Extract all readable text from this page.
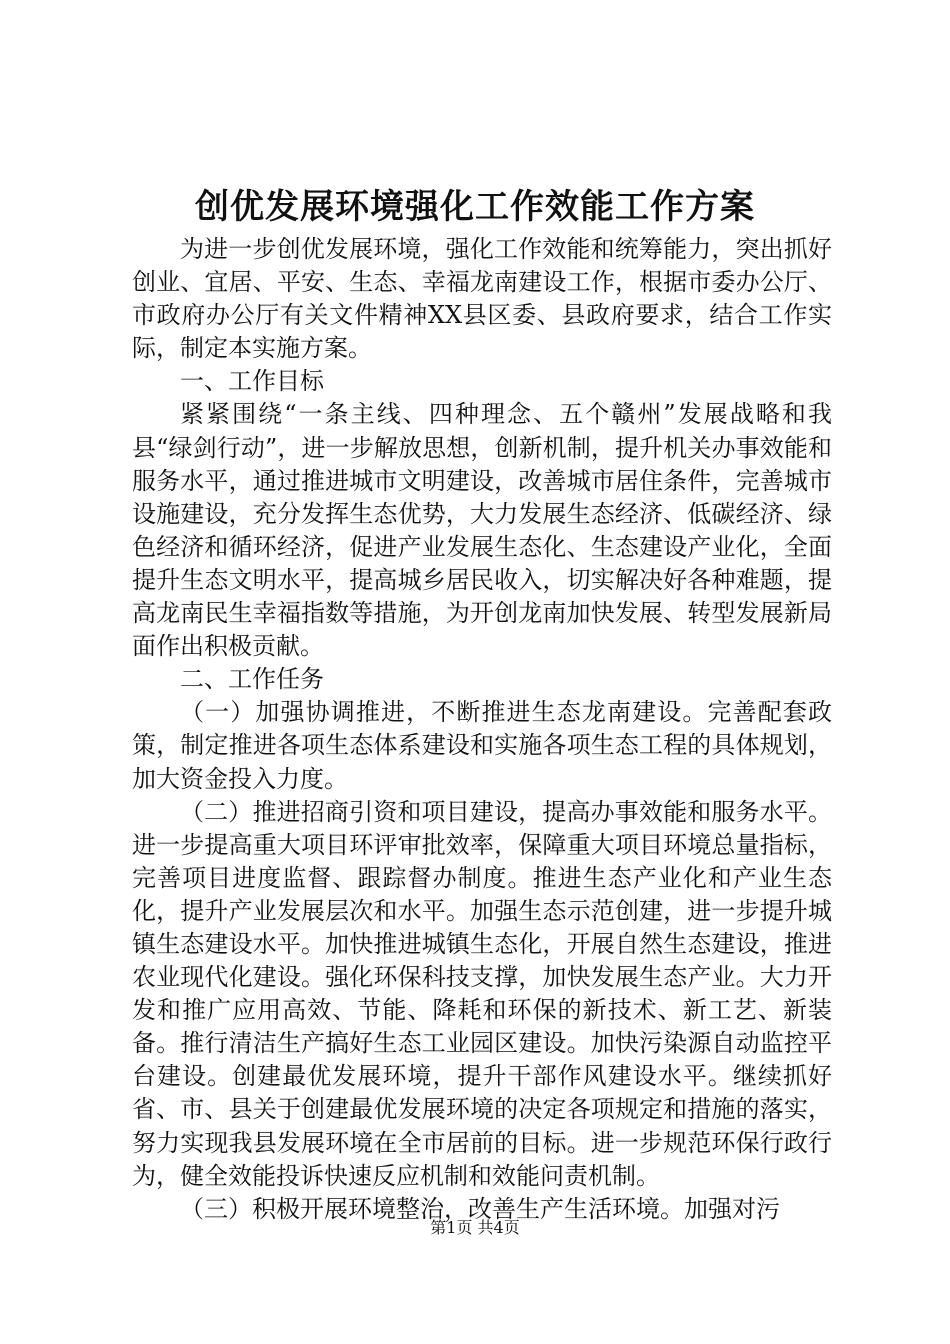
创优发展环境强化工作效能工作方案

为进一步创优发展环境，强化工作效能和统筹能力，突出抓好创业、宜居、平安、生态、幸福龙南建设工作，根据市委办公厅、市政府办公厅有关文件精神XX县区委、县政府要求，结合工作实际，制定本实施方案。

一、工作目标

紧紧围绕“一条主线、四种理念、五个赣州”发展战略和我县“绿剑行动”，进一步解放思想，创新机制，提升机关办事效能和服务水平，通过推进城市文明建设，改善城市居住条件，完善城市设施建设，充分发挥生态优势，大力发展生态经济、低碳经济、绿色经济和循环经济，促进产业发展生态化、生态建设产业化，全面提升生态文明水平，提高城乡居民收入，切实解决好各种难题，提高龙南民生幸福指数等措施，为开创龙南加快发展、转型发展新局面作出积极贡献。

二、工作任务

（一）加强协调推进，不断推进生态龙南建设。完善配套政策，制定推进各项生态体系建设和实施各项生态工程的具体规划，加大资金投入力度。

（二）推进招商引资和项目建设，提高办事效能和服务水平。进一步提高重大项目环评审批效率，保障重大项目环境总量指标，完善项目进度监督、跟踪督办制度。推进生态产业化和产业生态化，提升产业发展层次和水平。加强生态示范创建，进一步提升城镇生态建设水平。加快推进城镇生态化，开展自然生态建设，推进农业现代化建设。强化环保科技支撑，加快发展生态产业。大力开发和推广应用高效、节能、降耗和环保的新技术、新工艺、新装备。推行清洁生产搞好生态工业园区建设。加快污染源自动监控平台建设。创建最优发展环境，提升干部作风建设水平。继续抓好省、市、县关于创建最优发展环境的决定各项规定和措施的落实，努力实现我县发展环境在全市居前的目标。进一步规范环保行政行为，健全效能投诉快速反应机制和效能问责机制。

（三）积极开展环境整治，改善生产生活环境。加强对污

第1页 共4页
